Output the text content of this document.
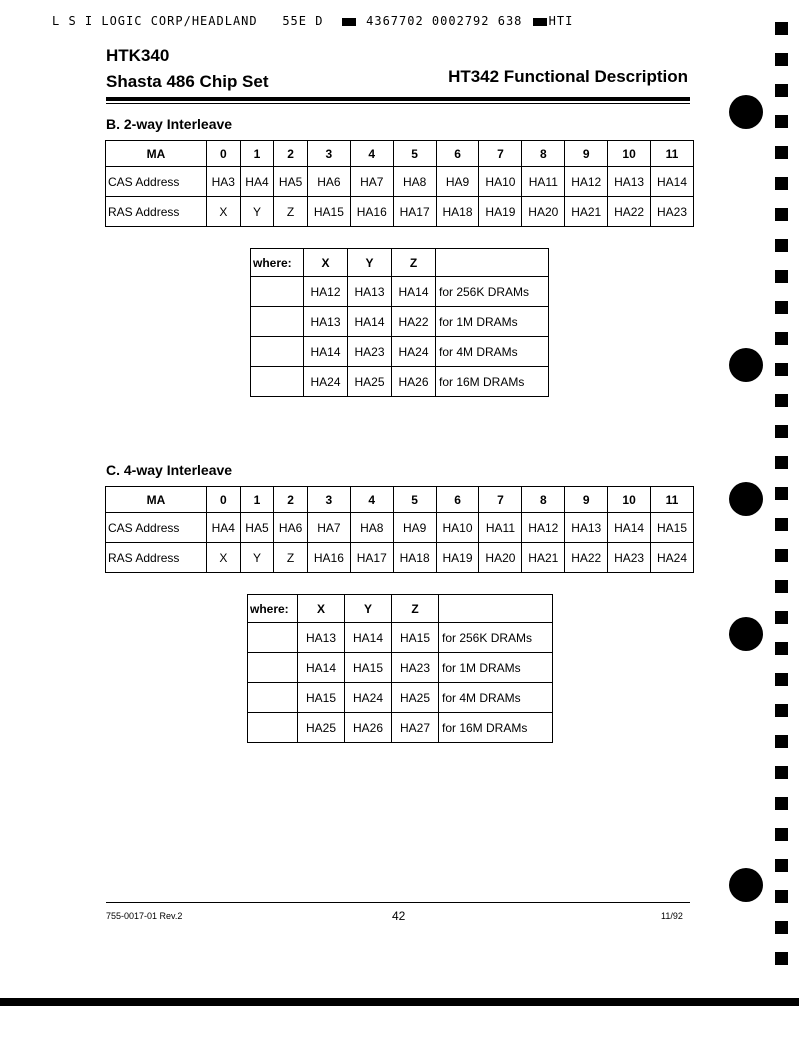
L S I LOGIC CORP/HEADLAND 55E D	4367702 0002792 638 HTI
HTK340
Shasta 486 Chip Set	HT342 Functional Description
B. 2-way Interleave
MA	0	1	2	3	4	5	6	7	8	9	10	11
CAS Address	HA3	HA4	HA5	HA6	HA7	HA8	HA9	HA10	HA11	HA12	HA13	HA14
RAS Address	X	Y	Z	HA15	HA16	HA17	HA18	HA19	HA20	HA21	HA22	HA23
where:	X	Y	Z	
	HA12	HA13	HA14	for 256K DRAMs
	HA13	HA14	HA22	for 1M DRAMs
	HA14	HA23	HA24	for 4M DRAMs
	HA24	HA25	HA26	for 16M DRAMs
C. 4-way Interleave
MA	0	1	2	3	4	5	6	7	8	9	10	11
CAS Address	HA4	HA5	HA6	HA7	HA8	HA9	HA10	HA11	HA12	HA13	HA14	HA15
RAS Address	X	Y	Z	HA16	HA17	HA18	HA19	HA20	HA21	HA22	HA23	HA24
where:	X	Y	Z	
	HA13	HA14	HA15	for 256K DRAMs
	HA14	HA15	HA23	for 1M DRAMs
	HA15	HA24	HA25	for 4M DRAMs
	HA25	HA26	HA27	for 16M DRAMs
755-0017-01 Rev.2	42	11/92
